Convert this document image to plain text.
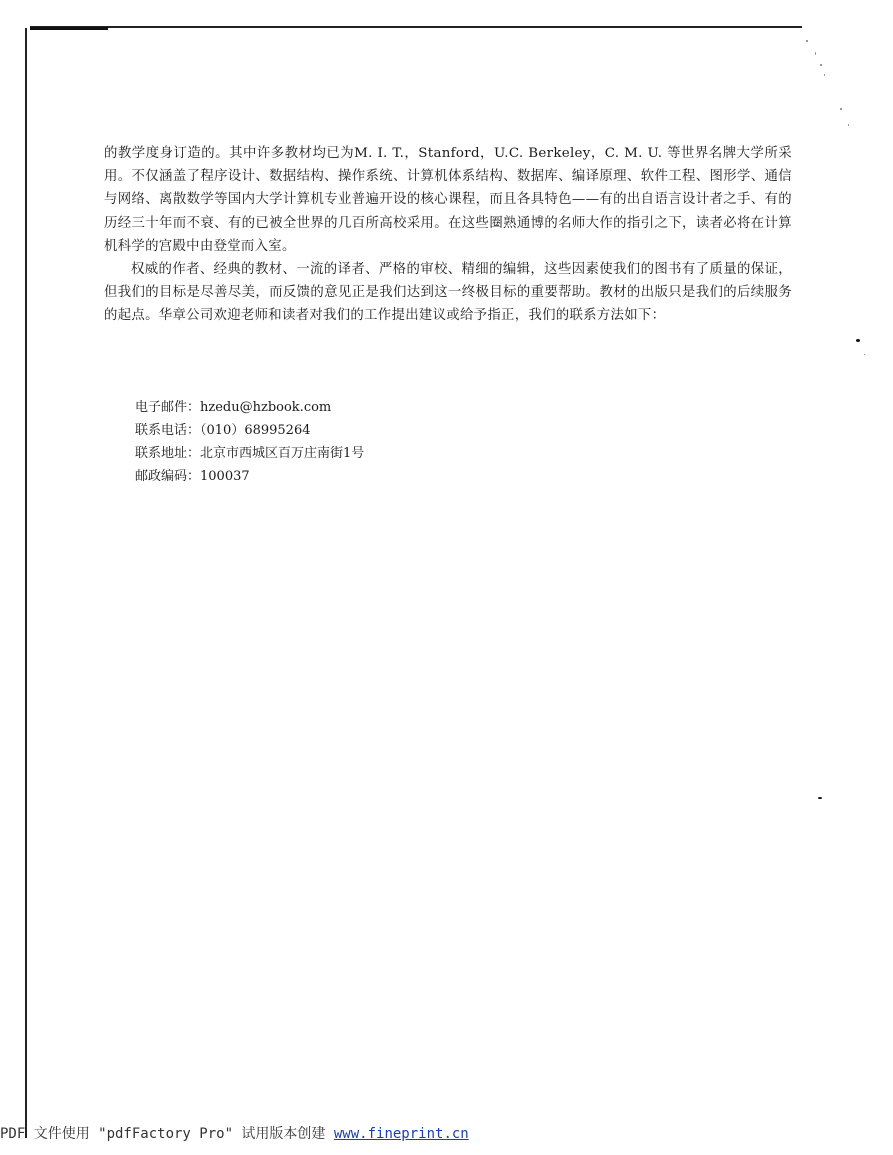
的教学度身订造的。其中许多教材均已为M. I. T.，Stanford，U.C. Berkeley，C. M. U. 等世界名牌大学所采用。不仅涵盖了程序设计、数据结构、操作系统、计算机体系结构、数据库、编译原理、软件工程、图形学、通信与网络、离散数学等国内大学计算机专业普遍开设的核心课程，而且各具特色——有的出自语言设计者之手、有的历经三十年而不衰、有的已被全世界的几百所高校采用。在这些圈熟通博的名师大作的指引之下，读者必将在计算机科学的宫殿中由登堂而入室。

权威的作者、经典的教材、一流的译者、严格的审校、精细的编辑，这些因素使我们的图书有了质量的保证，但我们的目标是尽善尽美，而反馈的意见正是我们达到这一终极目标的重要帮助。教材的出版只是我们的后续服务的起点。华章公司欢迎老师和读者对我们的工作提出建议或给予指正，我们的联系方法如下：

电子邮件：hzedu@hzbook.com
联系电话：（010）68995264
联系地址：北京市西城区百万庄南街1号
邮政编码：100037
PDF 文件使用 "pdfFactory Pro" 试用版本创建 www.fineprint.cn
